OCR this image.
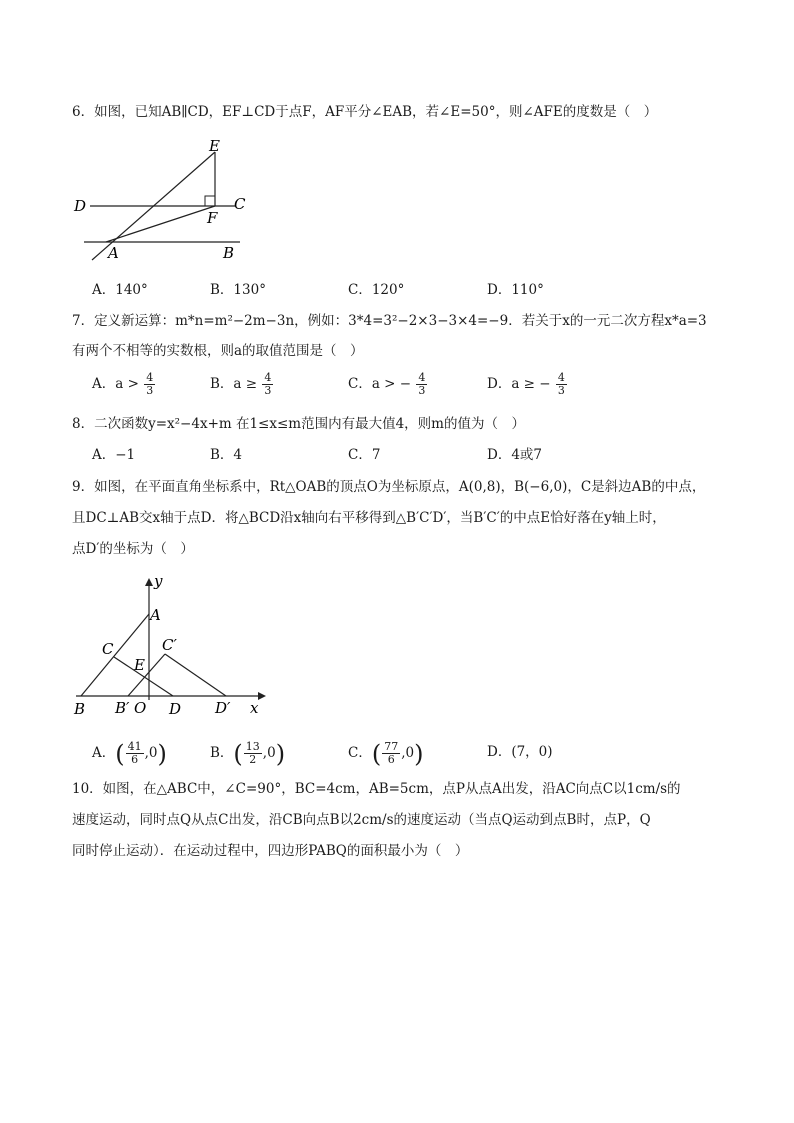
6．如图，已知AB∥CD，EF⊥CD于点F，AF平分∠EAB，若∠E=50°，则∠AFE的度数是（　）
E
D	C
F
A	B
A．140°	B．130°	C．120°	D．110°
7．定义新运算：m*n=m²−2m−3n，例如：3*4=3²−2×3−3×4=−9．若关于x的一元二次方程x*a=3
有两个不相等的实数根，则a的取值范围是（　）
A．$a > \frac{4}{3}$	B．$a \ge \frac{4}{3}$	C．a > − $\frac{4}{3}$	D．a ≥ − $\frac{4}{3}$
8．二次函数y=x²−4x+m 在1≤x≤m范围内有最大值4，则m的值为（　）
A．−1	B．4	C．7	D．4或7
9．如图，在平面直角坐标系中，Rt△OAB的顶点O为坐标原点，A(0,8)，B(−6,0)，C是斜边AB的中点，
且DC⊥AB交x轴于点D．将△BCD沿x轴向右平移得到△B′C′D′，当B′C′的中点E恰好落在y轴上时，
点D′的坐标为（　）
y
A
C	C′
E
B B′ O D D′ x
A．( $\frac{41}{6} ,0$)	B．( $\frac{13}{2} ,0$)	C．( $\frac{77}{6} ,0$)	D．(7，0)
10．如图，在△ABC中，∠C=90°，BC=4cm，AB=5cm，点P从点A出发，沿AC向点C以1cm/s的
速度运动，同时点Q从点C出发，沿CB向点B以2cm/s的速度运动（当点Q运动到点B时，点P，Q
同时停止运动）．在运动过程中，四边形PABQ的面积最小为（　）
